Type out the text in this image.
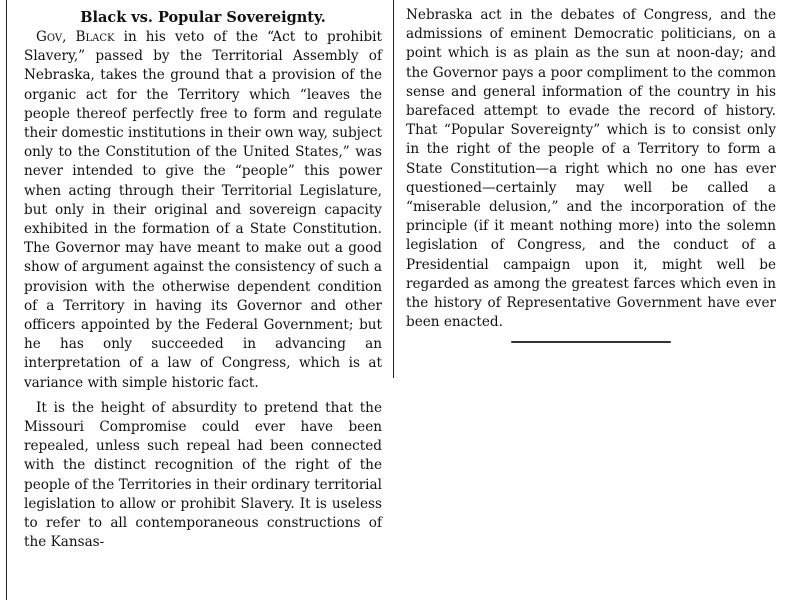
Black vs. Popular Sovereignty.

Gov, Black in his veto of the “Act to prohibit Slavery,” passed by the Territorial Assembly of Nebraska, takes the ground that a provision of the organic act for the Territory which “leaves the people thereof perfectly free to form and regulate their domestic institutions in their own way, subject only to the Constitution of the United States,” was never intended to give the “people” this power when acting through their Territorial Legislature, but only in their original and sovereign capacity exhibited in the formation of a State Constitution. The Governor may have meant to make out a good show of argument against the consistency of such a provision with the otherwise dependent condition of a Territory in having its Governor and other officers appointed by the Federal Government; but he has only succeeded in advancing an interpretation of a law of Congress, which is at variance with simple historic fact.

It is the height of absurdity to pretend that the Missouri Compromise could ever have been repealed, unless such repeal had been connected with the distinct recognition of the right of the people of the Territories in their ordinary territorial legislation to allow or prohibit Slavery. It is useless to refer to all contemporaneous constructions of the Kansas-

Nebraska act in the debates of Congress, and the admissions of eminent Democratic politicians, on a point which is as plain as the sun at noon-day; and the Governor pays a poor compliment to the common sense and general information of the country in his barefaced attempt to evade the record of history. That “Popular Sovereignty” which is to consist only in the right of the people of a Territory to form a State Constitution—a right which no one has ever questioned—certainly may well be called a “miserable delusion,” and the incorporation of the principle (if it meant nothing more) into the solemn legislation of Congress, and the conduct of a Presidential campaign upon it, might well be regarded as among the greatest farces which even in the history of Representative Government have ever been enacted.
